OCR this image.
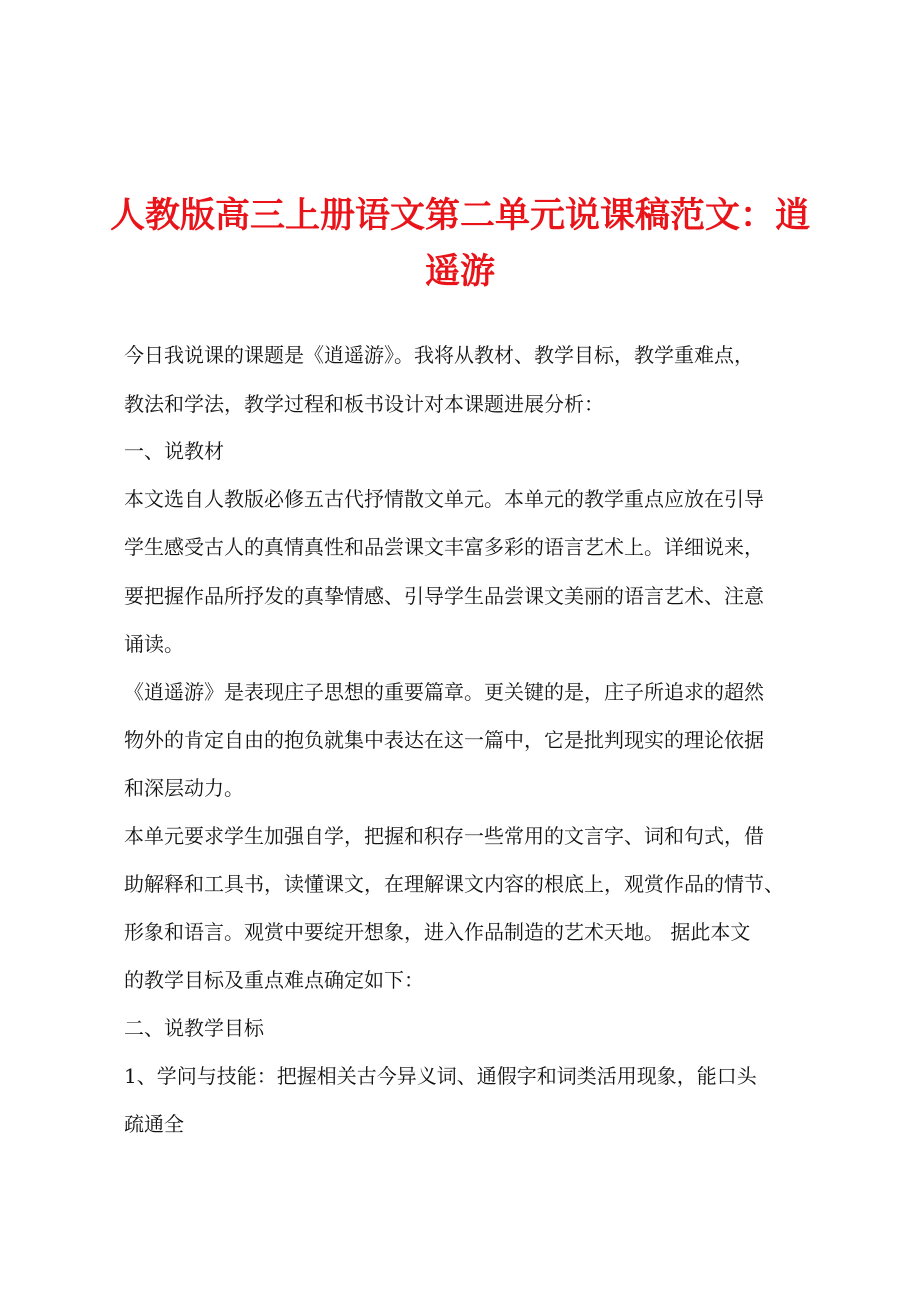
人教版高三上册语文第二单元说课稿范文：逍
遥游
今日我说课的课题是《逍遥游》。我将从教材、教学目标，教学重难点，
教法和学法，教学过程和板书设计对本课题进展分析：
一、说教材
本文选自人教版必修五古代抒情散文单元。本单元的教学重点应放在引导
学生感受古人的真情真性和品尝课文丰富多彩的语言艺术上。详细说来，
要把握作品所抒发的真挚情感、引导学生品尝课文美丽的语言艺术、注意
诵读。
《逍遥游》是表现庄子思想的重要篇章。更关键的是，庄子所追求的超然
物外的肯定自由的抱负就集中表达在这一篇中，它是批判现实的理论依据
和深层动力。
本单元要求学生加强自学，把握和积存一些常用的文言字、词和句式，借
助解释和工具书，读懂课文，在理解课文内容的根底上，观赏作品的情节、
形象和语言。观赏中要绽开想象，进入作品制造的艺术天地。 据此本文
的教学目标及重点难点确定如下：
二、说教学目标
1、学问与技能：把握相关古今异义词、通假字和词类活用现象，能口头
疏通全
